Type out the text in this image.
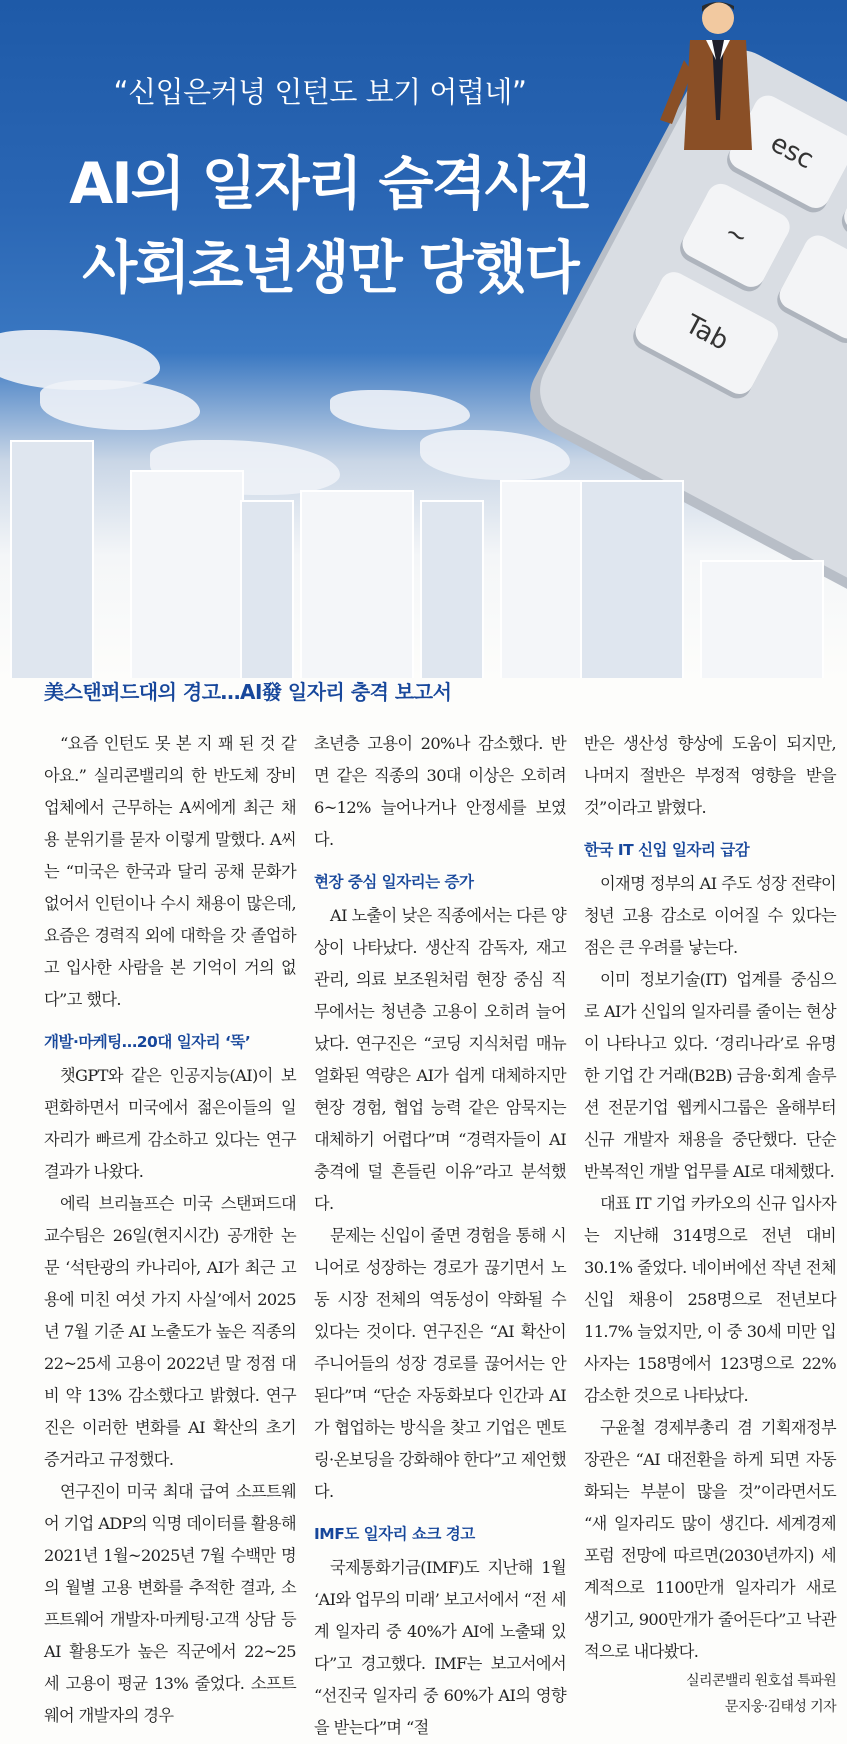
esc
~
Tab
“신입은커녕 인턴도 보기 어렵네”
AI의 일자리 습격사건
사회초년생만 당했다
美스탠퍼드대의 경고…AI發 일자리 충격 보고서

“요즘 인턴도 못 본 지 꽤 된 것 같아요.” 실리콘밸리의 한 반도체 장비 업체에서 근무하는 A씨에게 최근 채용 분위기를 묻자 이렇게 말했다. A씨는 “미국은 한국과 달리 공채 문화가 없어서 인턴이나 수시 채용이 많은데, 요즘은 경력직 외에 대학을 갓 졸업하고 입사한 사람을 본 기억이 거의 없다”고 했다.

개발·마케팅…20대 일자리 ‘뚝’

챗GPT와 같은 인공지능(AI)이 보편화하면서 미국에서 젊은이들의 일자리가 빠르게 감소하고 있다는 연구 결과가 나왔다.

에릭 브리뇰프슨 미국 스탠퍼드대 교수팀은 26일(현지시간) 공개한 논문 ‘석탄광의 카나리아, AI가 최근 고용에 미친 여섯 가지 사실’에서 2025년 7월 기준 AI 노출도가 높은 직종의 22~25세 고용이 2022년 말 정점 대비 약 13% 감소했다고 밝혔다. 연구진은 이러한 변화를 AI 확산의 초기 증거라고 규정했다.

연구진이 미국 최대 급여 소프트웨어 기업 ADP의 익명 데이터를 활용해 2021년 1월~2025년 7월 수백만 명의 월별 고용 변화를 추적한 결과, 소프트웨어 개발자·마케팅·고객 상담 등 AI 활용도가 높은 직군에서 22~25세 고용이 평균 13% 줄었다. 소프트웨어 개발자의 경우

초년층 고용이 20%나 감소했다. 반면 같은 직종의 30대 이상은 오히려 6~12% 늘어나거나 안정세를 보였다.

현장 중심 일자리는 증가

AI 노출이 낮은 직종에서는 다른 양상이 나타났다. 생산직 감독자, 재고 관리, 의료 보조원처럼 현장 중심 직무에서는 청년층 고용이 오히려 늘어났다. 연구진은 “코딩 지식처럼 매뉴얼화된 역량은 AI가 쉽게 대체하지만 현장 경험, 협업 능력 같은 암묵지는 대체하기 어렵다”며 “경력자들이 AI 충격에 덜 흔들린 이유”라고 분석했다.

문제는 신입이 줄면 경험을 통해 시니어로 성장하는 경로가 끊기면서 노동 시장 전체의 역동성이 약화될 수 있다는 것이다. 연구진은 “AI 확산이 주니어들의 성장 경로를 끊어서는 안 된다”며 “단순 자동화보다 인간과 AI가 협업하는 방식을 찾고 기업은 멘토링·온보딩을 강화해야 한다”고 제언했다.

IMF도 일자리 쇼크 경고

국제통화기금(IMF)도 지난해 1월 ‘AI와 업무의 미래’ 보고서에서 “전 세계 일자리 중 40%가 AI에 노출돼 있다”고 경고했다. IMF는 보고서에서 “선진국 일자리 중 60%가 AI의 영향을 받는다”며 “절

반은 생산성 향상에 도움이 되지만, 나머지 절반은 부정적 영향을 받을 것”이라고 밝혔다.

한국 IT 신입 일자리 급감

이재명 정부의 AI 주도 성장 전략이 청년 고용 감소로 이어질 수 있다는 점은 큰 우려를 낳는다.

이미 정보기술(IT) 업계를 중심으로 AI가 신입의 일자리를 줄이는 현상이 나타나고 있다. ‘경리나라’로 유명한 기업 간 거래(B2B) 금융·회계 솔루션 전문기업 웹케시그룹은 올해부터 신규 개발자 채용을 중단했다. 단순 반복적인 개발 업무를 AI로 대체했다.

대표 IT 기업 카카오의 신규 입사자는 지난해 314명으로 전년 대비 30.1% 줄었다. 네이버에선 작년 전체 신입 채용이 258명으로 전년보다 11.7% 늘었지만, 이 중 30세 미만 입사자는 158명에서 123명으로 22% 감소한 것으로 나타났다.

구윤철 경제부총리 겸 기획재정부 장관은 “AI 대전환을 하게 되면 자동화되는 부분이 많을 것”이라면서도 “새 일자리도 많이 생긴다. 세계경제포럼 전망에 따르면(2030년까지) 세계적으로 1100만개 일자리가 새로 생기고, 900만개가 줄어든다”고 낙관적으로 내다봤다.

실리콘밸리 원호섭 특파원

문지웅·김태성 기자
